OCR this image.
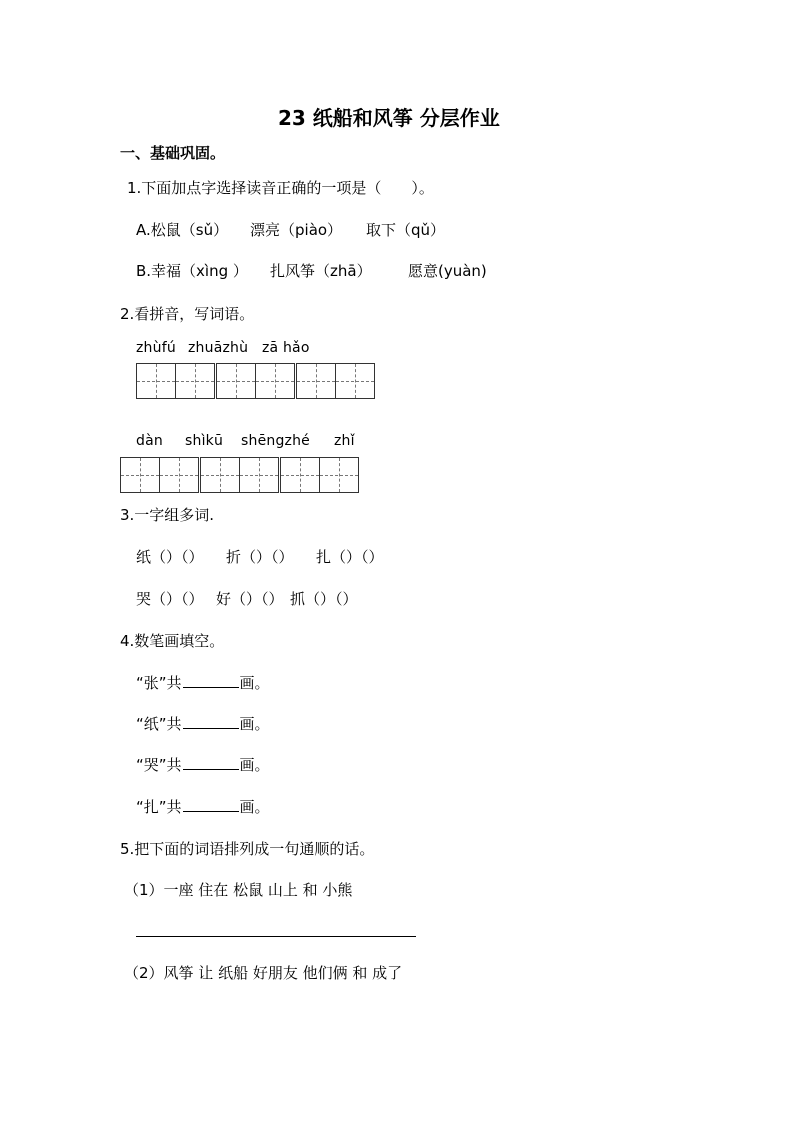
23 纸船和风筝 分层作业
一、基础巩固。
1.下面加点字选择读音正确的一项是（　　）。
A.松鼠（sǔ） 漂亮（piào） 取下（qǔ）
B.幸福（xìng ） 扎风筝（zhā） 愿意(yuàn)
2.看拼音，写词语。
zhùfú zhuāzhù zā hǎo
dàn shìkū shēngzhé zhǐ
3.一字组多词.
纸（）（） 折（）（） 扎（）（）
哭（）（） 好（）（） 抓（）（）
4.数笔画填空。
“张”共	画。
“纸”共	画。
“哭”共	画。
“扎”共	画。
5.把下面的词语排列成一句通顺的话。
（1）一座 住在 松鼠 山上 和 小熊
（2）风筝 让 纸船 好朋友 他们俩 和 成了
